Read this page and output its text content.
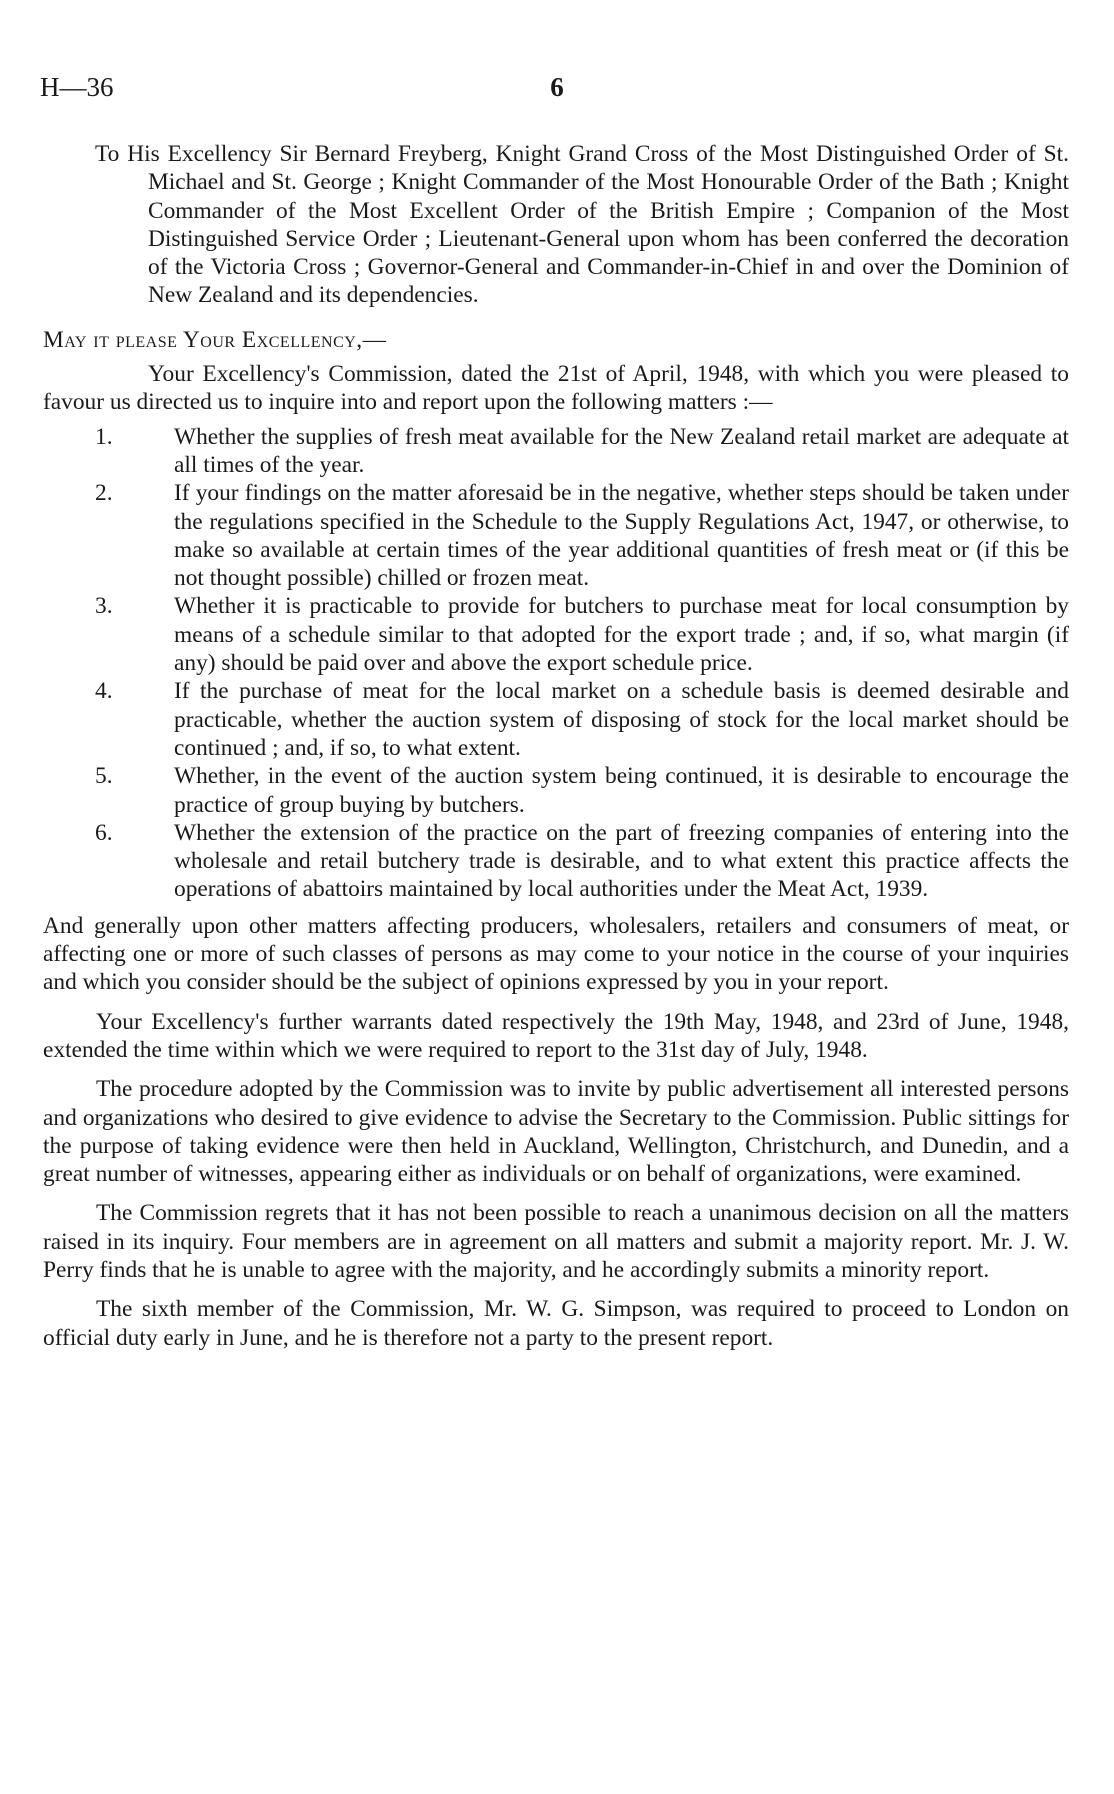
H—36	6

To His Excellency Sir Bernard Freyberg, Knight Grand Cross of the Most Distinguished Order of St. Michael and St. George ; Knight Commander of the Most Honourable Order of the Bath ; Knight Commander of the Most Excellent Order of the British Empire ; Companion of the Most Distinguished Service Order ; Lieutenant-General upon whom has been conferred the decoration of the Victoria Cross ; Governor-General and Commander-in-Chief in and over the Dominion of New Zealand and its dependencies.

May it please Your Excellency,—

Your Excellency's Commission, dated the 21st of April, 1948, with which you were pleased to favour us directed us to inquire into and report upon the following matters :—

1.	Whether the supplies of fresh meat available for the New Zealand retail market are adequate at all times of the year.
2.	If your findings on the matter aforesaid be in the negative, whether steps should be taken under the regulations specified in the Schedule to the Supply Regulations Act, 1947, or otherwise, to make so available at certain times of the year additional quantities of fresh meat or (if this be not thought possible) chilled or frozen meat.
3.	Whether it is practicable to provide for butchers to purchase meat for local consumption by means of a schedule similar to that adopted for the export trade ; and, if so, what margin (if any) should be paid over and above the export schedule price.
4.	If the purchase of meat for the local market on a schedule basis is deemed desirable and practicable, whether the auction system of disposing of stock for the local market should be continued ; and, if so, to what extent.
5.	Whether, in the event of the auction system being continued, it is desirable to encourage the practice of group buying by butchers.
6.	Whether the extension of the practice on the part of freezing companies of entering into the wholesale and retail butchery trade is desirable, and to what extent this practice affects the operations of abattoirs maintained by local authorities under the Meat Act, 1939.

And generally upon other matters affecting producers, wholesalers, retailers and consumers of meat, or affecting one or more of such classes of persons as may come to your notice in the course of your inquiries and which you consider should be the subject of opinions expressed by you in your report.

Your Excellency's further warrants dated respectively the 19th May, 1948, and 23rd of June, 1948, extended the time within which we were required to report to the 31st day of July, 1948.

The procedure adopted by the Commission was to invite by public advertisement all interested persons and organizations who desired to give evidence to advise the Secretary to the Commission. Public sittings for the purpose of taking evidence were then held in Auckland, Wellington, Christchurch, and Dunedin, and a great number of witnesses, appearing either as individuals or on behalf of organizations, were examined.

The Commission regrets that it has not been possible to reach a unanimous decision on all the matters raised in its inquiry. Four members are in agreement on all matters and submit a majority report. Mr. J. W. Perry finds that he is unable to agree with the majority, and he accordingly submits a minority report.

The sixth member of the Commission, Mr. W. G. Simpson, was required to proceed to London on official duty early in June, and he is therefore not a party to the present report.
